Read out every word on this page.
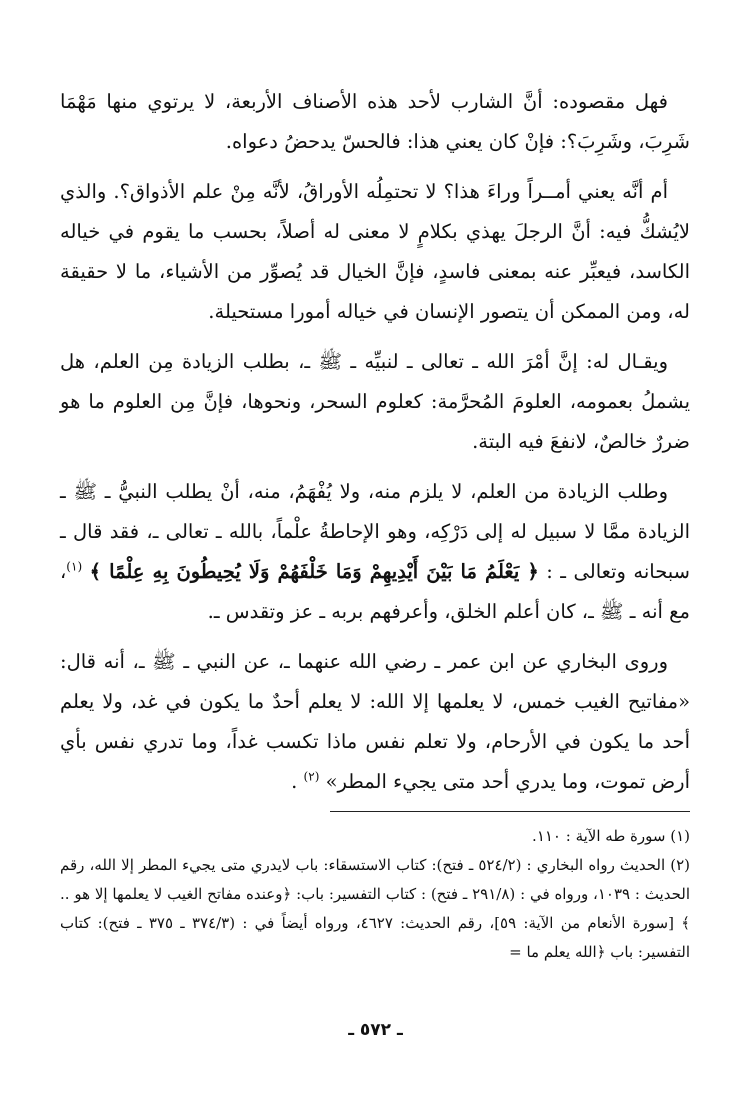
فهل مقصوده: أنَّ الشارب لأحد هذه الأصناف الأربعة، لا يرتوي منها مَهْمَا شَرِبَ، وشَرِبَ؟: فإنْ كان يعني هذا: فالحسّ يدحضُ دعواه.

أم أنَّه يعني أمــراً وراءَ هذا؟ لا تحتمِلُه الأوراقُ، لأنَّه مِنْ علم الأذواق؟. والذي لايُشكُّ فيه: أنَّ الرجلَ يهذي بكلامٍ لا معنى له أصلاً، بحسب ما يقوم في خياله الكاسد، فيعبِّر عنه بمعنى فاسدٍ، فإنَّ الخيال قد يُصوِّر من الأشياء، ما لا حقيقة له، ومن الممكن أن يتصور الإنسان في خياله أمورا مستحيلة.

ويقـال له: إنَّ أمْرَ الله ـ تعالى ـ لنبيِّه ـ ﷺ ـ، بطلب الزيادة مِن العلم، هل يشملُ بعمومه، العلومَ المُحرَّمة: كعلوم السحر، ونحوها، فإنَّ مِن العلوم ما هو ضررٌ خالصٌ، لانفعَ فيه البتة.

وطلب الزيادة من العلم، لا يلزم منه، ولا يُفْهَمُ، منه، أنْ يطلب النبيُّ ـ ﷺ ـ الزيادة ممَّا لا سبيل له إلى دَرْكِه، وهو الإحاطةُ علْماً، بالله ـ تعالى ـ، فقد قال ـ سبحانه وتعالى ـ : ﴿ يَعْلَمُ مَا بَيْنَ أَيْدِيهِمْ وَمَا خَلْفَهُمْ وَلَا يُحِيطُونَ بِهِ عِلْمًا ﴾ $^{(١)}$، مع أنه ـ ﷺ ـ، كان أعلم الخلق، وأعرفهم بربه ـ عز وتقدس ـ.

وروى البخاري عن ابن عمر ـ رضي الله عنهما ـ، عن النبي ـ ﷺ ـ، أنه قال: «مفاتيح الغيب خمس، لا يعلمها إلا الله: لا يعلم أحدٌ ما يكون في غد، ولا يعلم أحد ما يكون في الأرحام، ولا تعلم نفس ماذا تكسب غداً، وما تدري نفس بأي أرض تموت، وما يدري أحد متى يجيء المطر» $^{(٢)}$ .

(١) سورة طه الآية : ١١٠.

(٢) الحديث رواه البخاري : (٥٢٤/٢ ـ فتح): كتاب الاستسقاء: باب لايدري متى يجيء المطر إلا الله، رقم الحديث : ١٠٣٩، ورواه في : (٢٩١/٨ ـ فتح) : كتاب التفسير: باب: ﴿وعنده مفاتح الغيب لا يعلمها إلا هو .. ﴾ [سورة الأنعام من الآية: ٥٩]، رقم الحديث: ٤٦٢٧، ورواه أيضاً في : (٣٧٤/٣ ـ ٣٧٥ ـ فتح): كتاب التفسير: باب ﴿الله يعلم ما =

ـ ٥٧٢ ـ
